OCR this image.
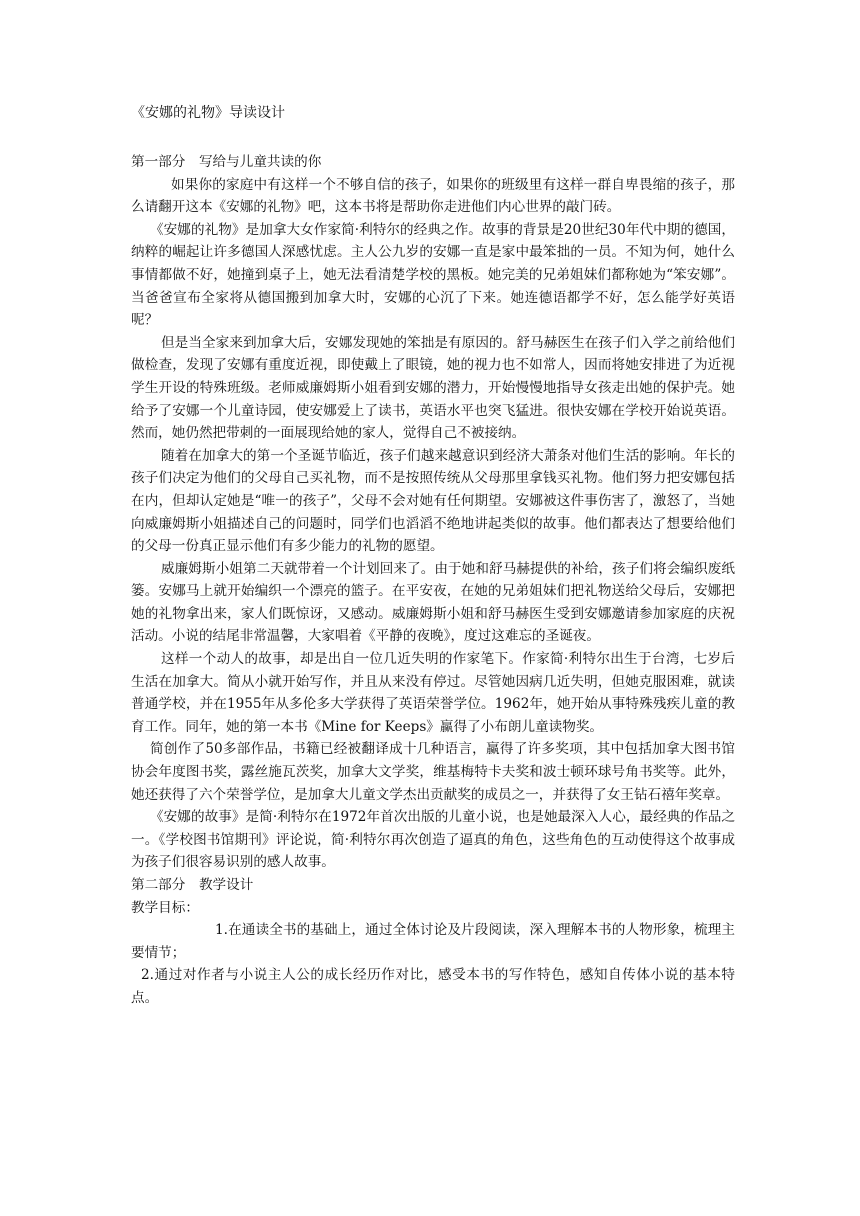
《安娜的礼物》导读设计

第一部分　写给与儿童共读的你

如果你的家庭中有这样一个不够自信的孩子，如果你的班级里有这样一群自卑畏缩的孩子，那么请翻开这本《安娜的礼物》吧，这本书将是帮助你走进他们内心世界的敲门砖。

《安娜的礼物》是加拿大女作家简·利特尔的经典之作。故事的背景是20世纪30年代中期的德国，纳粹的崛起让许多德国人深感忧虑。主人公九岁的安娜一直是家中最笨拙的一员。不知为何，她什么事情都做不好，她撞到桌子上，她无法看清楚学校的黑板。她完美的兄弟姐妹们都称她为“笨安娜”。当爸爸宣布全家将从德国搬到加拿大时，安娜的心沉了下来。她连德语都学不好，怎么能学好英语呢？

但是当全家来到加拿大后，安娜发现她的笨拙是有原因的。舒马赫医生在孩子们入学之前给他们做检查，发现了安娜有重度近视，即使戴上了眼镜，她的视力也不如常人，因而将她安排进了为近视学生开设的特殊班级。老师威廉姆斯小姐看到安娜的潜力，开始慢慢地指导女孩走出她的保护壳。她给予了安娜一个儿童诗园，使安娜爱上了读书，英语水平也突飞猛进。很快安娜在学校开始说英语。然而，她仍然把带刺的一面展现给她的家人，觉得自己不被接纳。

随着在加拿大的第一个圣诞节临近，孩子们越来越意识到经济大萧条对他们生活的影响。年长的孩子们决定为他们的父母自己买礼物，而不是按照传统从父母那里拿钱买礼物。他们努力把安娜包括在内，但却认定她是“唯一的孩子”，父母不会对她有任何期望。安娜被这件事伤害了，激怒了，当她向威廉姆斯小姐描述自己的问题时，同学们也滔滔不绝地讲起类似的故事。他们都表达了想要给他们的父母一份真正显示他们有多少能力的礼物的愿望。

威廉姆斯小姐第二天就带着一个计划回来了。由于她和舒马赫提供的补给，孩子们将会编织废纸篓。安娜马上就开始编织一个漂亮的篮子。在平安夜，在她的兄弟姐妹们把礼物送给父母后，安娜把她的礼物拿出来，家人们既惊讶，又感动。威廉姆斯小姐和舒马赫医生受到安娜邀请参加家庭的庆祝活动。小说的结尾非常温馨，大家唱着《平静的夜晚》，度过这难忘的圣诞夜。

这样一个动人的故事，却是出自一位几近失明的作家笔下。作家简·利特尔出生于台湾，七岁后生活在加拿大。简从小就开始写作，并且从来没有停过。尽管她因病几近失明，但她克服困难，就读普通学校，并在1955年从多伦多大学获得了英语荣誉学位。1962年，她开始从事特殊残疾儿童的教育工作。同年，她的第一本书《Mine for Keeps》赢得了小布朗儿童读物奖。

简创作了50多部作品，书籍已经被翻译成十几种语言，赢得了许多奖项，其中包括加拿大图书馆协会年度图书奖，露丝施瓦茨奖，加拿大文学奖，维基梅特卡夫奖和波士顿环球号角书奖等。此外，她还获得了六个荣誉学位，是加拿大儿童文学杰出贡献奖的成员之一，并获得了女王钻石禧年奖章。

《安娜的故事》是简·利特尔在1972年首次出版的儿童小说，也是她最深入人心，最经典的作品之一。《学校图书馆期刊》评论说，简·利特尔再次创造了逼真的角色，这些角色的互动使得这个故事成为孩子们很容易识别的感人故事。

第二部分　教学设计

教学目标：

1.在通读全书的基础上，通过全体讨论及片段阅读，深入理解本书的人物形象，梳理主要情节；

2.通过对作者与小说主人公的成长经历作对比，感受本书的写作特色，感知自传体小说的基本特点。
